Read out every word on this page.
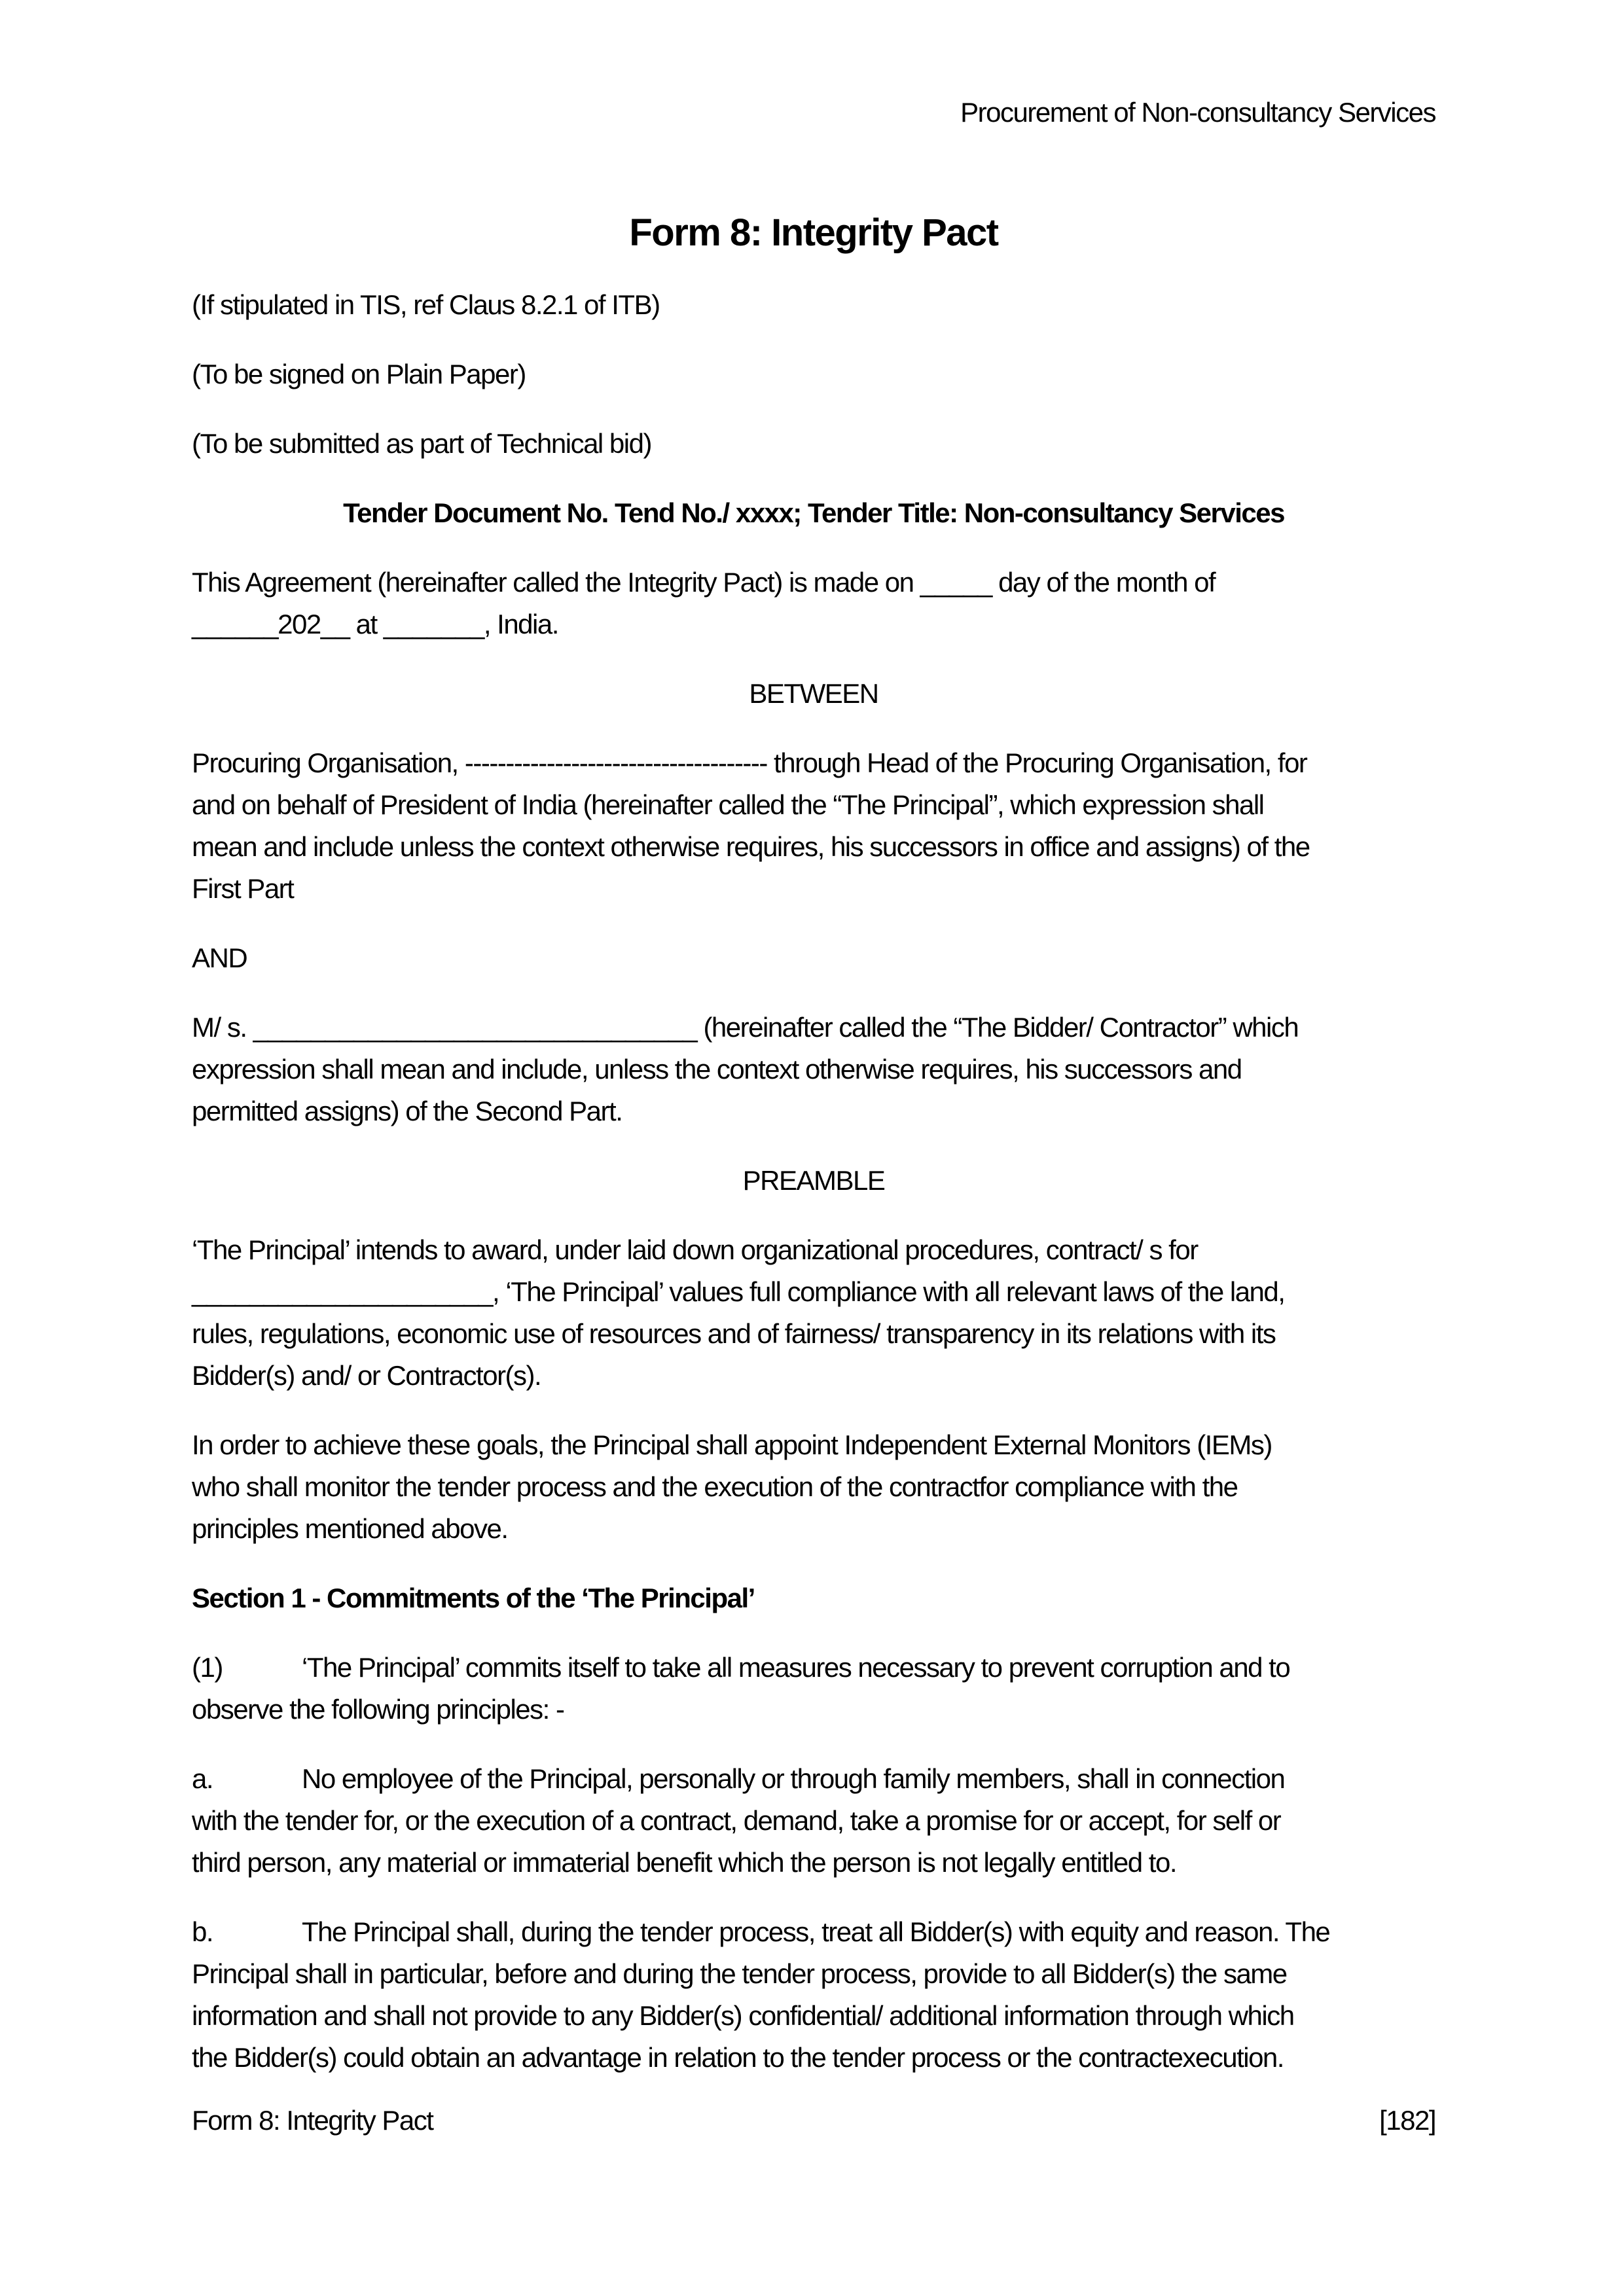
Procurement of Non-consultancy Services
Form 8: Integrity Pact
(If stipulated in TIS, ref Claus 8.2.1 of ITB)
(To be signed on Plain Paper)
(To be submitted as part of Technical bid)
Tender Document No. Tend No./ xxxx; Tender Title: Non-consultancy Services
This Agreement (hereinafter called the Integrity Pact) is made on _____ day of the month of
______202__ at _______, India.
BETWEEN
Procuring Organisation, ------------------------------------- through Head of the Procuring Organisation, for
and on behalf of President of India (hereinafter called the “The Principal”, which expression shall
mean and include unless the context otherwise requires, his successors in office and assigns) of the
First Part
AND
M/ s. _______________________________ (hereinafter called the “The Bidder/ Contractor” which
expression shall mean and include, unless the context otherwise requires, his successors and
permitted assigns) of the Second Part.
PREAMBLE
‘The Principal’ intends to award, under laid down organizational procedures, contract/ s for
_____________________, ‘The Principal’ values full compliance with all relevant laws of the land,
rules, regulations, economic use of resources and of fairness/ transparency in its relations with its
Bidder(s) and/ or Contractor(s).
In order to achieve these goals, the Principal shall appoint Independent External Monitors (IEMs)
who shall monitor the tender process and the execution of the contractfor compliance with the
principles mentioned above.
Section 1 - Commitments of the ‘The Principal’
(1)	‘The Principal’ commits itself to take all measures necessary to prevent corruption and to
observe the following principles: -
a.	No employee of the Principal, personally or through family members, shall in connection
with the tender for, or the execution of a contract, demand, take a promise for or accept, for self or
third person, any material or immaterial benefit which the person is not legally entitled to.
b.	The Principal shall, during the tender process, treat all Bidder(s) with equity and reason. The
Principal shall in particular, before and during the tender process, provide to all Bidder(s) the same
information and shall not provide to any Bidder(s) confidential/ additional information through which
the Bidder(s) could obtain an advantage in relation to the tender process or the contractexecution.
Form 8: Integrity Pact	[182]
